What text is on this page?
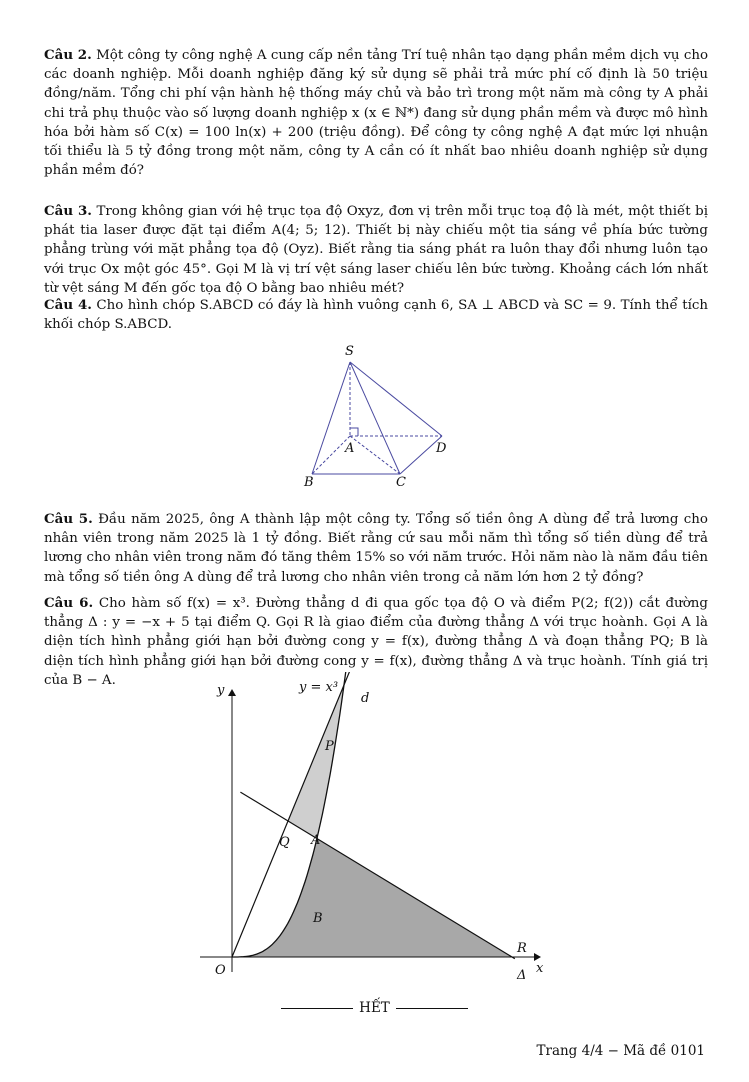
Câu 2. Một công ty công nghệ A cung cấp nền tảng Trí tuệ nhân tạo dạng phần mềm dịch vụ cho các doanh nghiệp. Mỗi doanh nghiệp đăng ký sử dụng sẽ phải trả mức phí cố định là 50 triệu đồng/năm. Tổng chi phí vận hành hệ thống máy chủ và bảo trì trong một năm mà công ty A phải chi trả phụ thuộc vào số lượng doanh nghiệp x (x ∈ ℕ*) đang sử dụng phần mềm và được mô hình hóa bởi hàm số C(x) = 100 ln(x) + 200 (triệu đồng). Để công ty công nghệ A đạt mức lợi nhuận tối thiểu là 5 tỷ đồng trong một năm, công ty A cần có ít nhất bao nhiêu doanh nghiệp sử dụng phần mềm đó?

Câu 3. Trong không gian với hệ trục tọa độ Oxyz, đơn vị trên mỗi trục toạ độ là mét, một thiết bị phát tia laser được đặt tại điểm A(4; 5; 12). Thiết bị này chiếu một tia sáng về phía bức tường phẳng trùng với mặt phẳng tọa độ (Oyz). Biết rằng tia sáng phát ra luôn thay đổi nhưng luôn tạo với trục Ox một góc 45°. Gọi M là vị trí vệt sáng laser chiếu lên bức tường. Khoảng cách lớn nhất từ vệt sáng M đến gốc tọa độ O bằng bao nhiêu mét?

Câu 4. Cho hình chóp S.ABCD có đáy là hình vuông cạnh 6, SA ⊥ ABCD và SC = 9. Tính thể tích khối chóp S.ABCD.

S
A
B	C
D

Câu 5. Đầu năm 2025, ông A thành lập một công ty. Tổng số tiền ông A dùng để trả lương cho nhân viên trong năm 2025 là 1 tỷ đồng. Biết rằng cứ sau mỗi năm thì tổng số tiền dùng để trả lương cho nhân viên trong năm đó tăng thêm 15% so với năm trước. Hỏi năm nào là năm đầu tiên mà tổng số tiền ông A dùng để trả lương cho nhân viên trong cả năm lớn hơn 2 tỷ đồng?

Câu 6. Cho hàm số f(x) = x³. Đường thẳng d đi qua gốc tọa độ O và điểm P(2; f(2)) cắt đường thẳng Δ : y = −x + 5 tại điểm Q. Gọi R là giao điểm của đường thẳng Δ với trục hoành. Gọi A là diện tích hình phẳng giới hạn bởi đường cong y = f(x), đường thẳng Δ và đoạn thẳng PQ; B là diện tích hình phẳng giới hạn bởi đường cong y = f(x), đường thẳng Δ và trục hoành. Tính giá trị của B − A.

y
x
y = x³
d
P
Q A
B
R
O	Δ
HẾT
Trang 4/4 − Mã đề 0101
